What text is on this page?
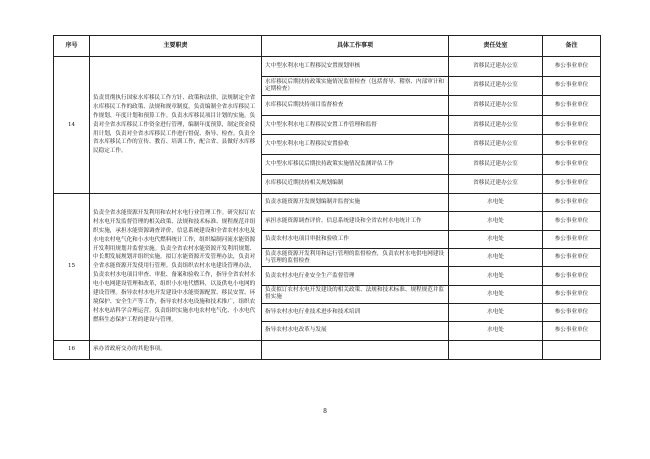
序号	主要职责	具体工作事项	责任处室	备注
14	负责贯彻执行国家水库移民工作方针、政策和法律，法规制定全省水库移民工作的政策、法规和规章制度。负责编制全省水库移民工作规划、年度计划和预算工作。负责水库移民项目计划的实施。负责对全省水库移民工作资金进行管理，编制年度预算，制定资金使用计划，负责对全省水库移民工作进行督促、指导、检查。负责全省水库移民工作的宣传、教育、培训工作，配合省、县做好水库移民稳定工作。	大中型水利水电工程移民安置规划审核	省移民迁建办公室	参公事业单位
		水库移民后期扶持政策实施情况监督检查（包括督导、稽察、内部审计和定期检查）	省移民迁建办公室	参公事业单位
		水库移民后期扶持项目监督检查	省移民迁建办公室	参公事业单位
		大中型水利水电工程移民安置工作管理和监督	省移民迁建办公室	参公事业单位
		大中型水利水电工程移民安置验收	省移民迁建办公室	参公事业单位
		大中型水库移民后期扶持政策实施情况监测评估工作	省移民迁建办公室	参公事业单位
		水库移民近期扶持相关规划编制	省移民迁建办公室	参公事业单位
15	负责全省水能资源开发利用和农村水电行业管理工作。研究拟订农村水电开发监督管理的相关政策、法规和技术标准、规程规范并组织实施，承担水能资源调查评价，信息系统建设和全省农村水电及水电农村电气化和小水电代燃料统计工作，组织编制河流水能资源开发利用规划并监督实施。负责全省农村水能资源开发利用规划、中长期发展规划并组织实施。拟订水能资源开发管理办法，负责对全省水能资源开发使用行管理。负责组织农村水电建设管理办法，负责农村水电项目审查、审批、备案和验收工作，指导全省农村水电小电网建设管理和改革，组织小水电代燃料，以及供电小电网的建设管理。指导农村水电开发建设中水能资源配置、移民安置、环境保护、安全生产等工作，指导农村水电设施和技术推广，组织农村水电站科学合理运营。负责组织实施水电农村电气化、小水电代燃料生态保护工程的建设与管理。	负责水能资源开发规划编制并监督实施	水电处	参公事业单位
		承担水能资源调查评价、信息系统建设和全省农村水电统计工作	水电处	参公事业单位
		负责农村水电项目审批和验收工作	水电处	参公事业单位
		负责水能资源开发利用和运行管理的监督检查，负责农村水电供电网建设与管理的监督检查	水电处	参公事业单位
		负责农村水电行业安全生产监督管理	水电处	参公事业单位
		负责拟订农村水电开发建设的相关政策、法规和技术标准、规程规范并监督实施	水电处	参公事业单位
		指导农村水电行业技术进步和技术培训	水电处	参公事业单位
		指导农村水电改革与发展	水电处	参公事业单位
16	承办省政府交办的其他事项。			
8
